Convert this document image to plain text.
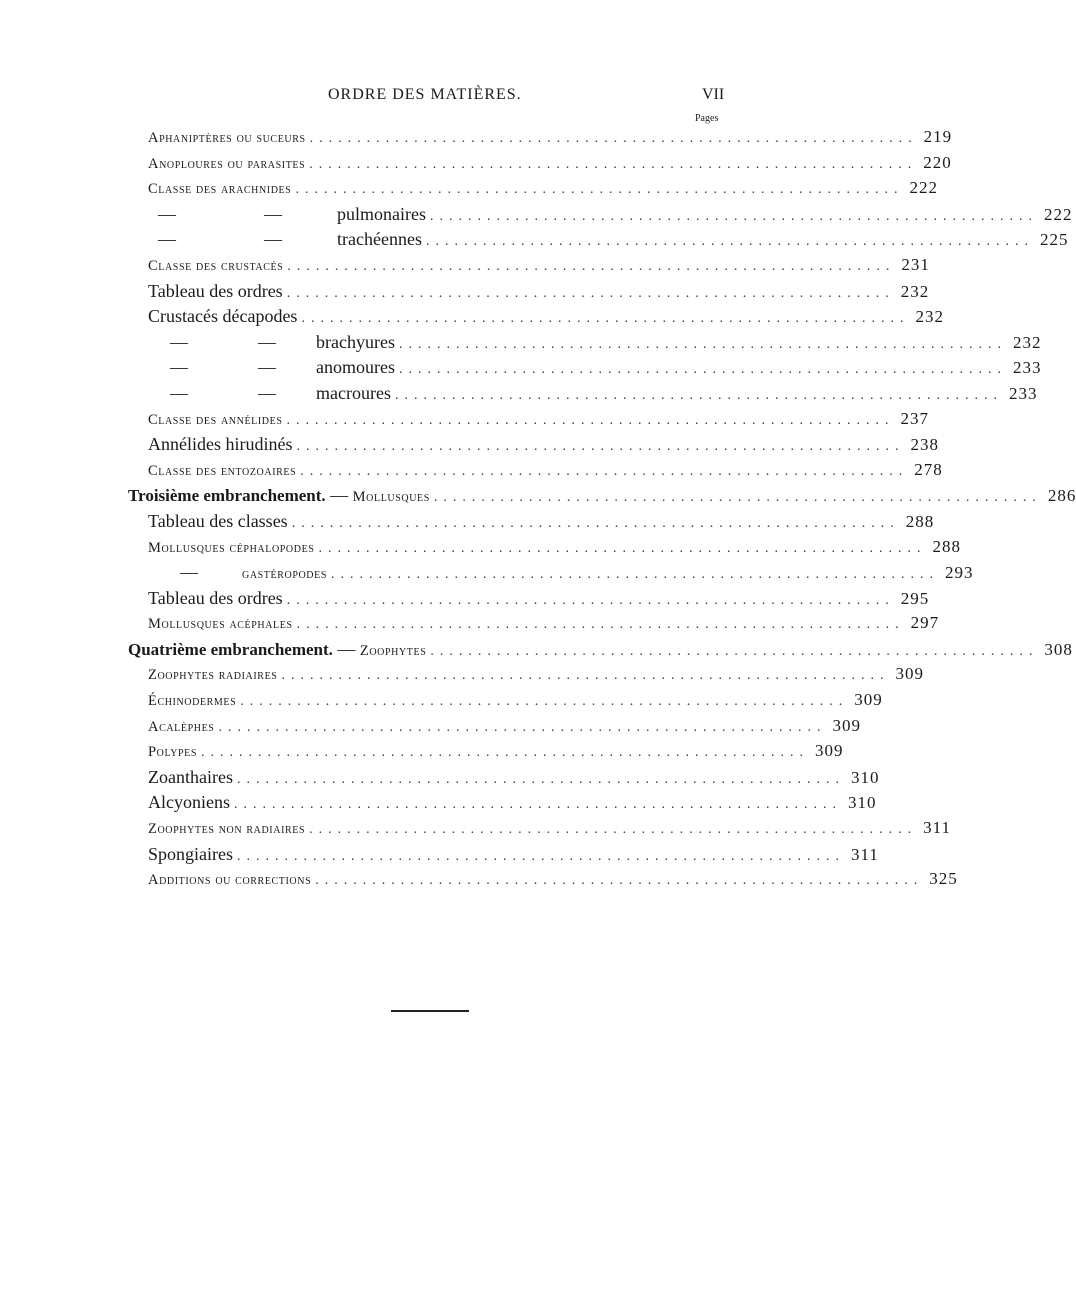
ORDRE DES MATIÈRES.	VII
Pages
Aphaniptères ou suceurs ................................................................ 219
Anoploures ou parasites ................................................................ 220
Classe des arachnides ................................................................ 222
—	—	pulmonaires ................................................................ 222
—	—	trachéennes ................................................................ 225
Classe des crustacés ................................................................ 231
Tableau des ordres ................................................................ 232
Crustacés décapodes ................................................................ 232
—	—	brachyures ................................................................ 232
—	—	anomoures ................................................................ 233
—	—	macroures ................................................................ 233
Classe des annélides ................................................................ 237
Annélides hirudinés ................................................................ 238
Classe des entozoaires ................................................................ 278
Troisième embranchement. — Mollusques ................................................................ 286
Tableau des classes ................................................................ 288
Mollusques céphalopodes ................................................................ 288
—	gastéropodes ................................................................ 293
Tableau des ordres ................................................................ 295
Mollusques acéphales ................................................................ 297
Quatrième embranchement. — Zoophytes ................................................................ 308
Zoophytes radiaires ................................................................ 309
Échinodermes ................................................................ 309
Acalèphes ................................................................ 309
Polypes ................................................................ 309
Zoanthaires ................................................................ 310
Alcyoniens ................................................................ 310
Zoophytes non radiaires ................................................................ 311
Spongiaires ................................................................ 311
Additions ou corrections ................................................................ 325
